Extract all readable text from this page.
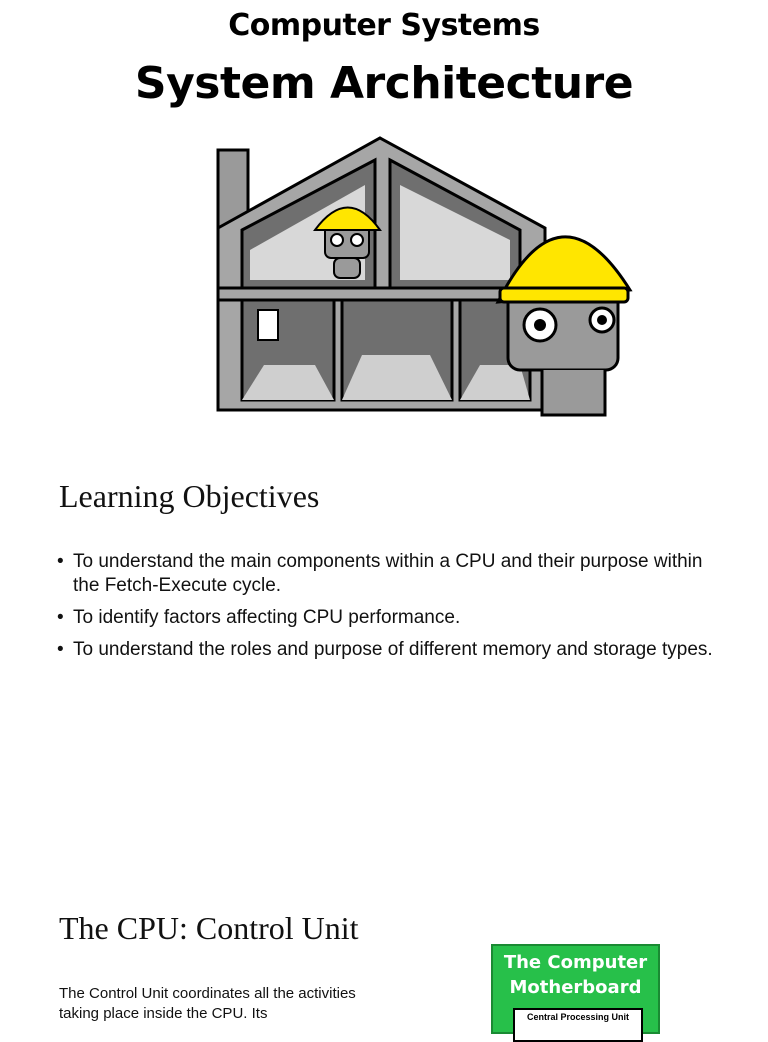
Computer Systems
System Architecture
Learning Objectives
• To understand the main components within a CPU and their purpose within the Fetch-Execute cycle.
• To identify factors affecting CPU performance.
• To understand the roles and purpose of different memory and storage types.
The CPU: Control Unit
The Control Unit coordinates all the activities taking place inside the CPU. Its
The Computer Motherboard
Central Processing Unit
